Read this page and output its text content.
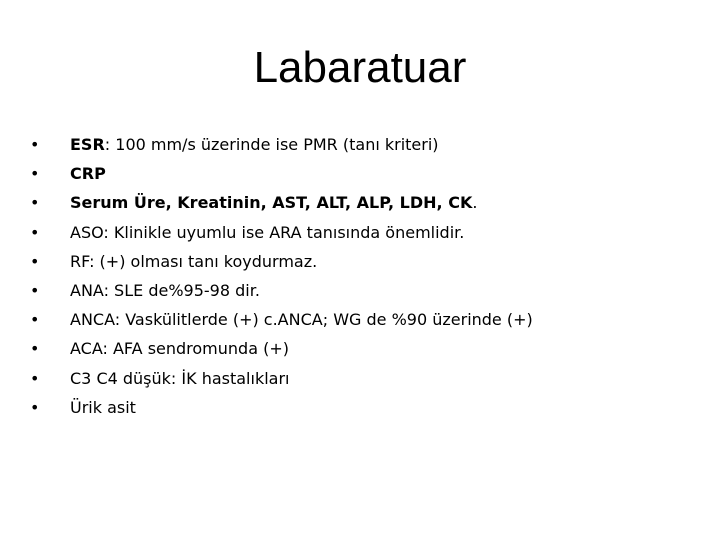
Labaratuar
•	ESR: 100 mm/s üzerinde ise PMR (tanı kriteri)
•	CRP
•	Serum Üre, Kreatinin, AST, ALT, ALP, LDH, CK.
•	ASO: Klinikle uyumlu ise ARA tanısında önemlidir.
•	RF: (+) olması tanı koydurmaz.
•	ANA: SLE de%95-98 dir.
•	ANCA: Vaskülitlerde (+) c.ANCA; WG de %90 üzerinde (+)
•	ACA: AFA sendromunda (+)
•	C3 C4 düşük: İK hastalıkları
•	Ürik asit
